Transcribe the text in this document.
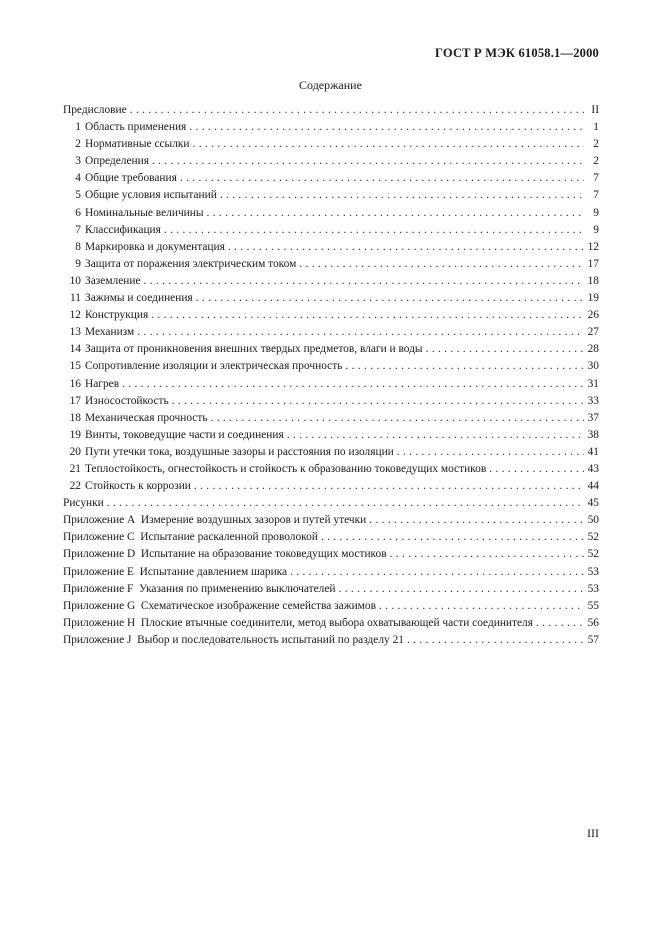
ГОСТ Р МЭК 61058.1—2000
Содержание
Предисловие . . .	II
1 Область применения . . .	1
2 Нормативные ссылки . . .	2
3 Определения . . .	2
4 Общие требования . . .	7
5 Общие условия испытаний . . .	7
6 Номинальные величины . . .	9
7 Классификация . . .	9
8 Маркировка и документация . . .	12
9 Защита от поражения электрическим током . . .	17
10 Заземление . . .	18
11 Зажимы и соединения . . .	19
12 Конструкция . . .	26
13 Механизм . . .	27
14 Защита от проникновения внешних твердых предметов, влаги и воды . . .	28
15 Сопротивление изоляции и электрическая прочность . . .	30
16 Нагрев . . .	31
17 Износостойкость . . .	33
18 Механическая прочность . . .	37
19 Винты, токоведущие части и соединения . . .	38
20 Пути утечки тока, воздушные зазоры и расстояния по изоляции . . .	41
21 Теплостойкость, огнестойкость и стойкость к образованию токоведущих мостиков . . .	43
22 Стойкость к коррозии . . .	44
Рисунки . . .	45
Приложение А  Измерение воздушных зазоров и путей утечки . . .	50
Приложение С  Испытание раскаленной проволокой . . .	52
Приложение D  Испытание на образование токоведущих мостиков . . .	52
Приложение Е  Испытание давлением шарика . . .	53
Приложение F  Указания по применению выключателей . . .	53
Приложение G  Схематическое изображение семейства зажимов . . .	55
Приложение Н  Плоские втычные соединители, метод выбора охватывающей части соединителя . . .	56
Приложение J  Выбор и последовательность испытаний по разделу 21 . . .	57
III
